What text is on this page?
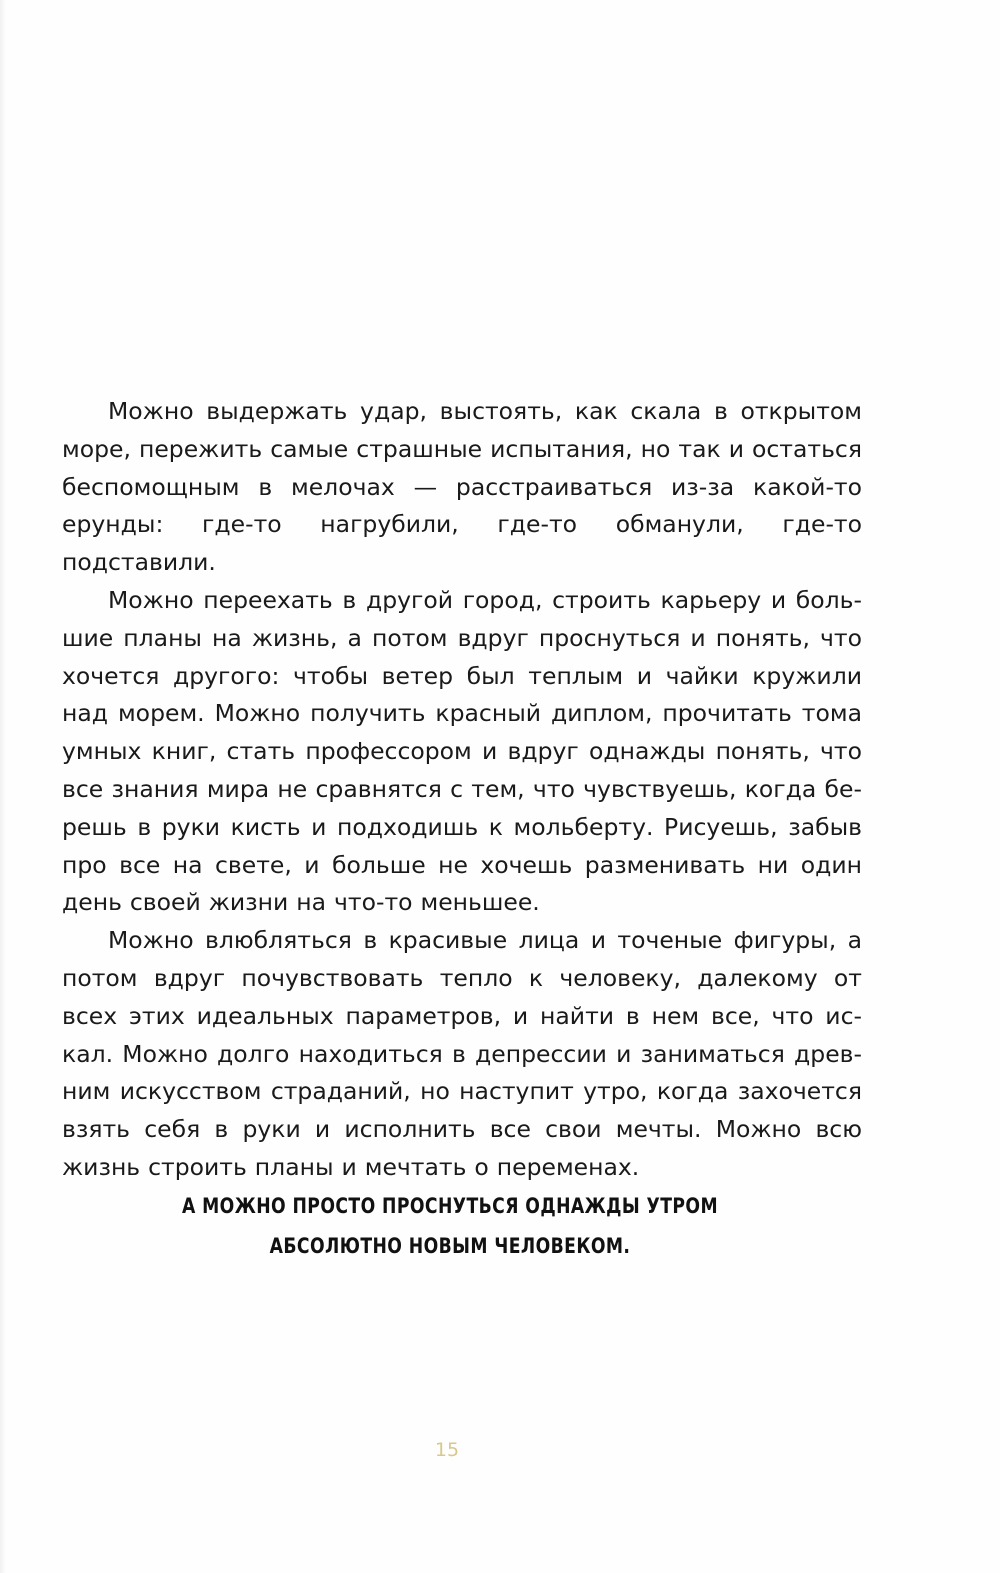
Можно выдержать удар, выстоять, как скала в открытом море, пережить самые страшные испытания, но так и остаться беспомощным в мелочах — расстраиваться из-за какой-то ерунды: где-то нагрубили, где-то обманули, где-то подставили.

Можно переехать в другой город, строить карьеру и большие планы на жизнь, а потом вдруг проснуться и понять, что хочется другого: чтобы ветер был теплым и чайки кружили над морем. Можно получить красный диплом, прочитать тома умных книг, стать профессором и вдруг однажды понять, что все знания мира не сравнятся с тем, что чувствуешь, когда берешь в руки кисть и подходишь к мольберту. Рисуешь, забыв про все на свете, и больше не хочешь разменивать ни один день своей жизни на что-то меньшее.

Можно влюбляться в красивые лица и точеные фигуры, а потом вдруг почувствовать тепло к человеку, далекому от всех этих идеальных параметров, и найти в нем все, что искал. Можно долго находиться в депрессии и заниматься древним искусством страданий, но наступит утро, когда захочется взять себя в руки и исполнить все свои мечты. Можно всю жизнь строить планы и мечтать о переменах.

А МОЖНО ПРОСТО ПРОСНУТЬСЯ ОДНАЖДЫ УТРОМ
АБСОЛЮТНО НОВЫМ ЧЕЛОВЕКОМ.
15
